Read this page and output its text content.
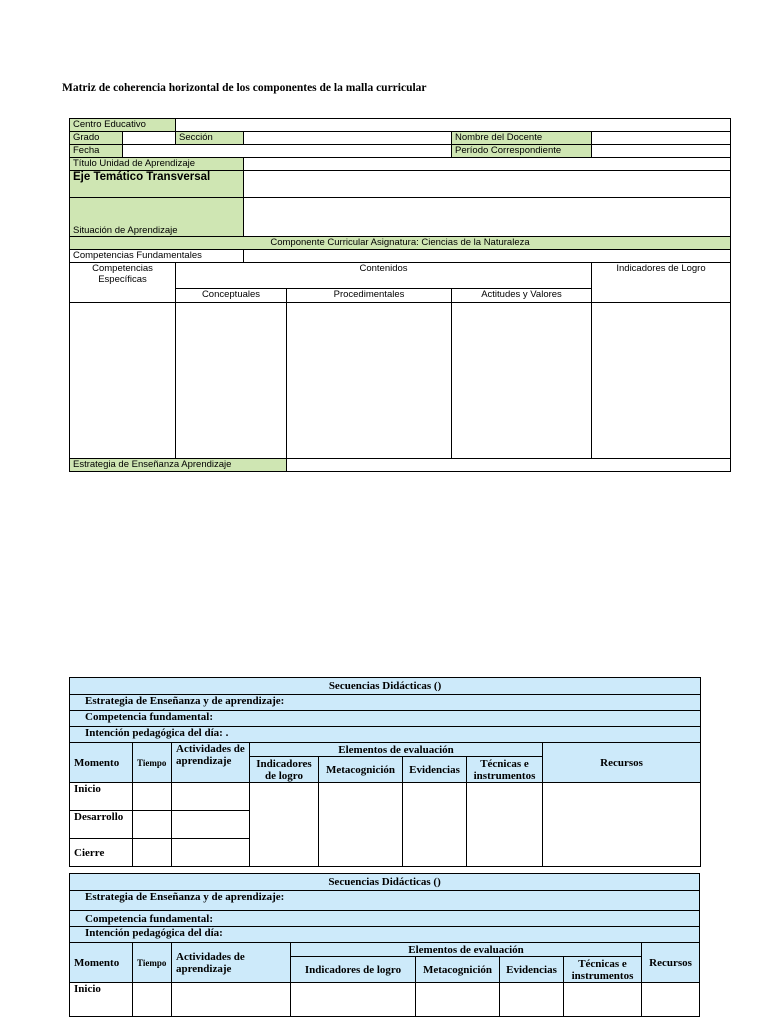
Matriz de coherencia horizontal de los componentes de la malla curricular
Centro Educativo						
Grado		Sección			Nombre del Docente	
Fecha					Período Correspondiente	
Título Unidad de Aprendizaje						
Eje Temático Transversal						
Situación de Aprendizaje						
Componente Curricular Asignatura: Ciencias de la Naturaleza						
Competencias Fundamentales						
Competencias Específicas		Contenidos				Indicadores de Logro
		Conceptuales		Procedimentales	Actitudes y Valores	

Estrategia de Enseñanza Aprendizaje						
Secuencias Didácticas ()							
Estrategia de Enseñanza y de aprendizaje:							
Competencia fundamental:							
Intención pedagógica del día: .							
Momento	Tiempo	Actividades de aprendizaje	Elementos de evaluación				Recursos
			Indicadores de logro	Metacognición	Evidencias	Técnicas e instrumentos	
Inicio							
Desarrollo							
Cierre							
Secuencias Didácticas ()							
Estrategia de Enseñanza y de aprendizaje:							
Competencia fundamental:							
Intención pedagógica del día:							
Momento	Tiempo	Actividades de aprendizaje	Elementos de evaluación				Recursos
			Indicadores de logro	Metacognición	Evidencias	Técnicas e instrumentos	
Inicio							
